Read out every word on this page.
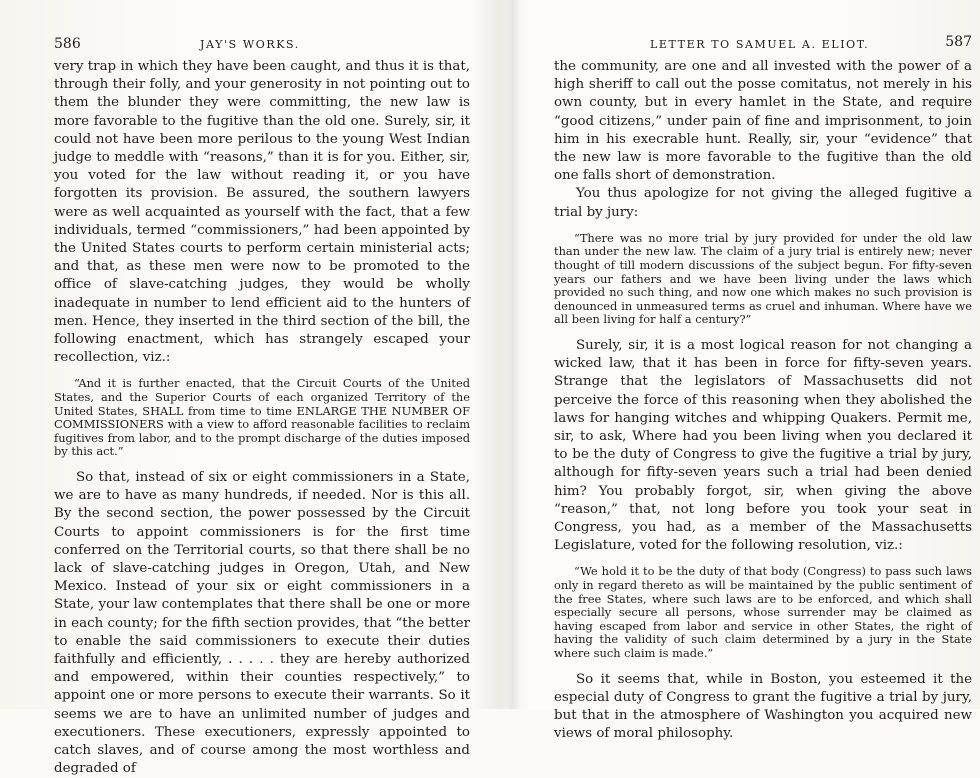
586	JAY'S WORKS.

very trap in which they have been caught, and thus it is that, through their folly, and your generosity in not pointing out to them the blunder they were committing, the new law is more favorable to the fugitive than the old one. Surely, sir, it could not have been more perilous to the young West Indian judge to meddle with “reasons,” than it is for you. Either, sir, you voted for the law without reading it, or you have forgotten its provision. Be assured, the southern lawyers were as well acquainted as yourself with the fact, that a few individuals, termed “commissioners,” had been appointed by the United States courts to perform certain ministerial acts; and that, as these men were now to be promoted to the office of slave-catching judges, they would be wholly inadequate in number to lend efficient aid to the hunters of men. Hence, they inserted in the third section of the bill, the following enactment, which has strangely escaped your recollection, viz.:

“And it is further enacted, that the Circuit Courts of the United States, and the Superior Courts of each organized Territory of the United States, SHALL from time to time ENLARGE THE NUMBER OF COMMISSIONERS with a view to afford reasonable facilities to reclaim fugitives from labor, and to the prompt discharge of the duties imposed by this act.”

So that, instead of six or eight commissioners in a State, we are to have as many hundreds, if needed. Nor is this all. By the second section, the power possessed by the Circuit Courts to appoint commissioners is for the first time conferred on the Territorial courts, so that there shall be no lack of slave-catching judges in Oregon, Utah, and New Mexico. Instead of your six or eight commissioners in a State, your law contemplates that there shall be one or more in each county; for the fifth section provides, that “the better to enable the said commissioners to execute their duties faithfully and efficiently, . . . . . they are hereby authorized and empowered, within their counties respectively,” to appoint one or more persons to execute their warrants. So it seems we are to have an unlimited number of judges and executioners. These executioners, expressly appointed to catch slaves, and of course among the most worthless and degraded of

LETTER TO SAMUEL A. ELIOT.	587

the community, are one and all invested with the power of a high sheriff to call out the posse comitatus, not merely in his own county, but in every hamlet in the State, and require “good citizens,” under pain of fine and imprisonment, to join him in his execrable hunt. Really, sir, your “evidence” that the new law is more favorable to the fugitive than the old one falls short of demonstration.

You thus apologize for not giving the alleged fugitive a trial by jury:

“There was no more trial by jury provided for under the old law than under the new law. The claim of a jury trial is entirely new; never thought of till modern discussions of the subject begun. For fifty-seven years our fathers and we have been living under the laws which provided no such thing, and now one which makes no such provision is denounced in unmeasured terms as cruel and inhuman. Where have we all been living for half a century?”

Surely, sir, it is a most logical reason for not changing a wicked law, that it has been in force for fifty-seven years. Strange that the legislators of Massachusetts did not perceive the force of this reasoning when they abolished the laws for hanging witches and whipping Quakers. Permit me, sir, to ask, Where had you been living when you declared it to be the duty of Congress to give the fugitive a trial by jury, although for fifty-seven years such a trial had been denied him? You probably forgot, sir, when giving the above “reason,” that, not long before you took your seat in Congress, you had, as a member of the Massachusetts Legislature, voted for the following resolution, viz.:

“We hold it to be the duty of that body (Congress) to pass such laws only in regard thereto as will be maintained by the public sentiment of the free States, where such laws are to be enforced, and which shall especially secure all persons, whose surrender may be claimed as having escaped from labor and service in other States, the right of having the validity of such claim determined by a jury in the State where such claim is made.”

So it seems that, while in Boston, you esteemed it the especial duty of Congress to grant the fugitive a trial by jury, but that in the atmosphere of Washington you acquired new views of moral philosophy.
